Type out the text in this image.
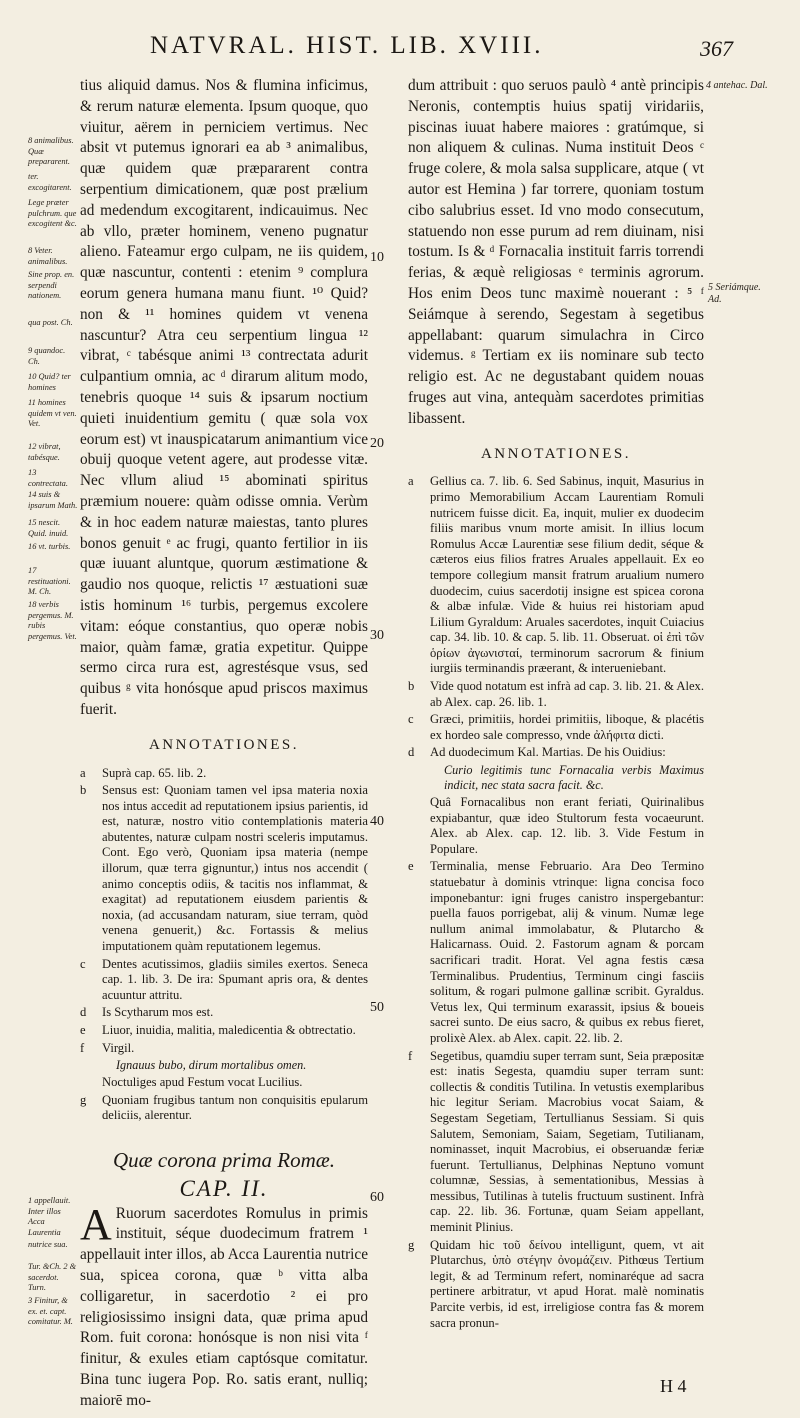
NATVRAL. HIST. LIB. XVIII.	367

tius aliquid damus. Nos & flumina inficimus, & rerum naturæ elementa. Ipsum quoque, quo viuitur, aërem in perniciem vertimus. Nec absit vt putemus ignorari ea ab ³ animalibus, quæ quidem quæ præpararent contra serpentium dimicationem, quæ post prælium ad medendum excogitarent, indicauimus. Nec ab vllo, præter hominem, veneno pugnatur alieno. Fateamur ergo culpam, ne iis quidem, quæ nascuntur, contenti : etenim ⁹ complura eorum genera humana manu fiunt. ¹⁰ Quid? non & ¹¹ homines quidem vt venena nascuntur? Atra ceu serpentium lingua ¹² vibrat, ᶜ tabésque animi ¹³ contrectata adurit culpantium omnia, ac ᵈ dirarum alitum modo, tenebris quoque ¹⁴ suis & ipsarum noctium quieti inuidentium gemitu ( quæ sola vox eorum est) vt inauspicatarum animantium vice obuij quoque vetent agere, aut prodesse vitæ. Nec vllum aliud ¹⁵ abominati spiritus præmium nouere: quàm odisse omnia. Verùm & in hoc eadem naturæ maiestas, tanto plures bonos genuit ᵉ ac frugi, quanto fertilior in iis quæ iuuant aluntque, quorum æstimatione & gaudio nos quoque, relictis ¹⁷ æstuationi suæ istis hominum ¹⁶ turbis, pergemus excolere vitam: eóque constantius, quo operæ nobis maior, quàm famæ, gratia expetitur. Quippe sermo circa rura est, agrestésque vsus, sed quibus ᵍ vita honósque apud priscos maximus fuerit.

ANNOTATIONES.
a Suprà cap. 65. lib. 2.
b Sensus est: Quoniam tamen vel ipsa materia noxia nos intus accedit ad reputationem ipsius parientis, id est, naturæ, nostro vitio contemplationis materia abutentes, naturæ culpam nostri sceleris imputamus. Cont. Ego verò, Quoniam ipsa materia (nempe illorum, quæ terra gignuntur,) intus nos accendit ( animo conceptis odiis, & tacitis nos inflammat, & exagitat) ad reputationem eiusdem parientis & noxia, (ad accusandam naturam, siue terram, quòd venena genuerit,) &c. Fortassis & melius imputationem quàm reputationem legemus.
c Dentes acutissimos, gladiis similes exertos. Seneca cap. 1. lib. 3. De ira: Spumant apris ora, & dentes acuuntur attritu.
d Is Scytharum mos est.
e Liuor, inuidia, malitia, maledicentia & obtrectatio.
f Virgil.
Ignauus bubo, dirum mortalibus omen.
Noctuliges apud Festum vocat Lucilius.
g Quoniam frugibus tantum non conquisitis epularum deliciis, alerentur.
Quæ corona prima Romæ.
CAP. II.

A Ruorum sacerdotes Romulus in primis instituit, séque duodecimum fratrem ¹ appellauit inter illos, ab Acca Laurentia nutrice sua, spicea corona, quæ ᵇ vitta alba colligaretur, in sacerdotio ² ei pro religiosissimo insigni data, quæ prima apud Rom. fuit corona: honósque is non nisi vita ᶠ finitur, & exules etiam captósque comitatur. Bina tunc iugera Pop. Ro. satis erant, nulliq; maiorē mo-

dum attribuit : quo seruos paulò ⁴ antè principis Neronis, contemptis huius spatij viridariis, piscinas iuuat habere maiores : gratúmque, si non aliquem & culinas. Numa instituit Deos ᶜ fruge colere, & mola salsa supplicare, atque ( vt autor est Hemina ) far torrere, quoniam tostum cibo salubrius esset. Id vno modo consecutum, statuendo non esse purum ad rem diuinam, nisi tostum. Is & ᵈ Fornacalia instituit farris torrendi ferias, & æquè religiosas ᵉ terminis agrorum. Hos enim Deos tunc maximè nouerant : ⁵ ᶠ Seiámque à serendo, Segestam à segetibus appellabant: quarum simulachra in Circo videmus. ᵍ Tertiam ex iis nominare sub tecto religio est. Ac ne degustabant quidem nouas fruges aut vina, antequàm sacerdotes primitias libassent.

ANNOTATIONES.
a Gellius ca. 7. lib. 6. Sed Sabinus, inquit, Masurius in primo Memorabilium Accam Laurentiam Romuli nutricem fuisse dicit. Ea, inquit, mulier ex duodecim filiis maribus vnum morte amisit. In illius locum Romulus Accæ Laurentiæ sese filium dedit, séque & cæteros eius filios fratres Aruales appellauit. Ex eo tempore collegium mansit fratrum arualium numero duodecim, cuius sacerdotij insigne est spicea corona & albæ infulæ. Vide & huius rei historiam apud Lilium Gyraldum: Aruales sacerdotes, inquit Cuiacius cap. 34. lib. 10. & cap. 5. lib. 11. Obseruat. οἱ ἐπὶ τῶν ὁρίων ἀγωνισταί, terminorum sacrorum & finium iurgiis terminandis præerant, & interueniebant.
b Vide quod notatum est infrà ad cap. 3. lib. 21. & Alex. ab Alex. cap. 26. lib. 1.
c Græci, primitiis, hordei primitiis, liboque, & placétis ex hordeo sale compresso, vnde ἀλήφιτα dicti.
d Ad duodecimum Kal. Martias. De his Ouidius:
Curio legitimis tunc Fornacalia verbis Maximus indicit, nec stata sacra facit. &c.
Quâ Fornacalibus non erant feriati, Quirinalibus expiabantur, quæ ideo Stultorum festa vocaeurunt. Alex. ab Alex. cap. 12. lib. 3. Vide Festum in Populare.
e Terminalia, mense Februario. Ara Deo Termino statuebatur à dominis vtrinque: ligna concisa foco imponebantur: igni fruges canistro inspergebantur: puella fauos porrigebat, alij & vinum. Numæ lege nullum animal immolabatur, & Plutarcho & Halicarnass. Ouid. 2. Fastorum agnam & porcam sacrificari tradit. Horat. Vel agna festis cæsa Terminalibus. Prudentius, Terminum cingi fasciis solitum, & rogari pulmone gallinæ scribit. Gyraldus. Vetus lex, Qui terminum exarassit, ipsius & boueis sacrei sunto. De eius sacro, & quibus ex rebus fieret, prolixè Alex. ab Alex. capit. 22. lib. 2.
f Segetibus, quamdiu super terram sunt, Seia præpositæ est: inatis Segesta, quamdiu super terram sunt: collectis & conditis Tutilina. In vetustis exemplaribus hic legitur Seriam. Macrobius vocat Saiam, & Segestam Segetiam, Tertullianus Sessiam. Si quis Salutem, Semoniam, Saiam, Segetiam, Tutilianam, nominasset, inquit Macrobius, ei obseruandæ feriæ fuerunt. Tertullianus, Delphinas Neptuno vomunt columnæ, Sessias, à sementationibus, Messias à messibus, Tutilinas à tutelis fructuum sustinent. Infrà cap. 22. lib. 36. Fortunæ, quam Seiam appellant, meminit Plinius.
g Quidam hic τοῦ δείνου intelligunt, quem, vt ait Plutarchus, ὑπὸ στέγην ὀνομάζειν. Pithœus Tertium legit, & ad Terminum refert, nominaréque ad sacra pertinere arbitratur, vt apud Horat. malè nominatis Parcite verbis, id est, irreligiose contra fas & morem sacra pronun-
8 animalibus. Quæ prepararent.
ter. excogitarent.
Lege præter pulchrum. que excogitent &c.
8 Veter. animalibus.
Sine prop. en. serpendi nationem.
qua post. Ch.
9 quandoc. Ch.
10 Quid? ter homines
11 homines quidem vt ven. Vet.
12 vibrat, tabésque.
13 contrectata.
14 suis & ipsarum Math.
15 nescit. Quid. inuid.
16 vt. turbis.
17 restituationi. M. Ch.
18 verbis pergemus. M. rubis pergemus. Vet.
1 appellauit. Inter illos Acca Laurentia
nutrice sua.
Tur. &Ch. 2 & sacerdot. Turn.
3 Finitur, & ex. et. capt. comitatur. M.
4 antehac. Dal.
5 Seriámque. Ad.
10
20
30
40
50
60
H 4
